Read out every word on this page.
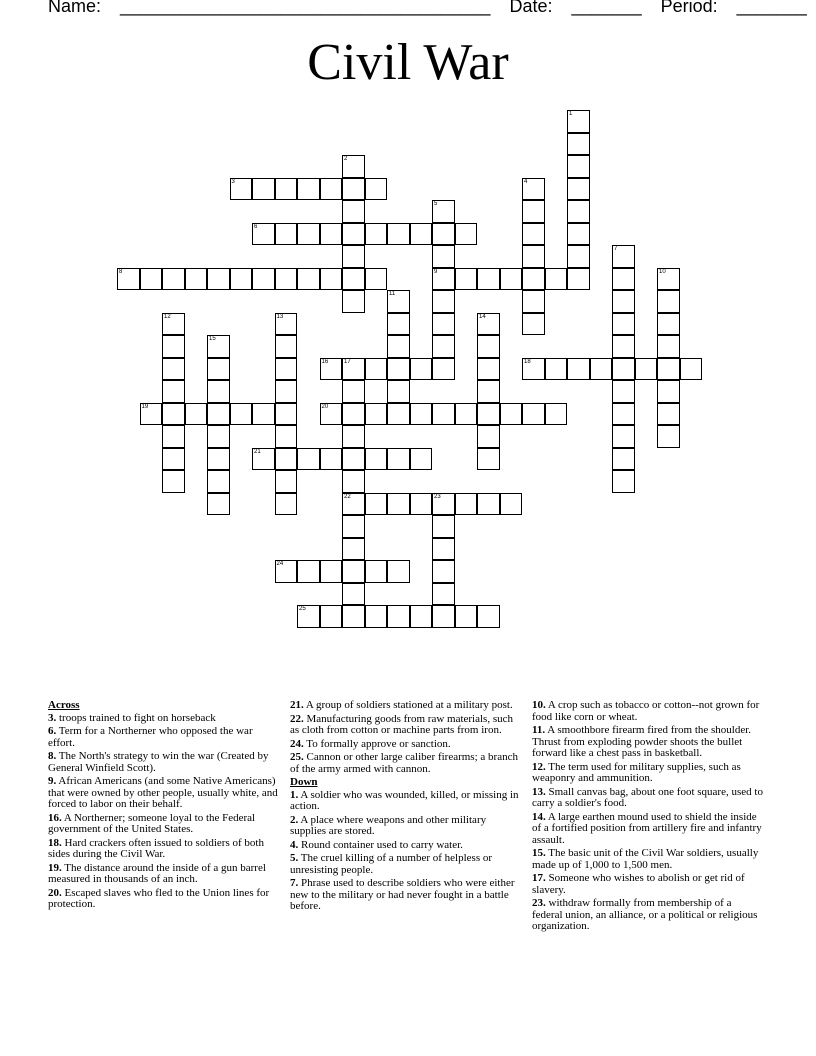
Name: _____________________________________ Date: _______ Period: _______
Civil War
1
2
3	4
5
9
6
7
8	10
11
12	13	14
15
16	17
22
18
19	20
21
23
24
25
Across
3. troops trained to fight on horseback
6. Term for a Northerner who opposed the war effort.
8. The North's strategy to win the war (Created by General Winfield Scott).
9. African Americans (and some Native Americans) that were owned by other people, usually white, and forced to labor on their behalf.
16. A Northerner; someone loyal to the Federal government of the United States.
18. Hard crackers often issued to soldiers of both sides during the Civil War.
19. The distance around the inside of a gun barrel measured in thousands of an inch.
20. Escaped slaves who fled to the Union lines for protection.
21. A group of soldiers stationed at a military post.
22. Manufacturing goods from raw materials, such as cloth from cotton or machine parts from iron.
24. To formally approve or sanction.
25. Cannon or other large caliber firearms; a branch of the army armed with cannon.
Down
1. A soldier who was wounded, killed, or missing in action.
2. A place where weapons and other military supplies are stored.
4. Round container used to carry water.
5. The cruel killing of a number of helpless or unresisting people.
7. Phrase used to describe soldiers who were either new to the military or had never fought in a battle before.
10. A crop such as tobacco or cotton--not grown for food like corn or wheat.
11. A smoothbore firearm fired from the shoulder. Thrust from exploding powder shoots the bullet forward like a chest pass in basketball.
12. The term used for military supplies, such as weaponry and ammunition.
13. Small canvas bag, about one foot square, used to carry a soldier's food.
14. A large earthen mound used to shield the inside of a fortified position from artillery fire and infantry assault.
15. The basic unit of the Civil War soldiers, usually made up of 1,000 to 1,500 men.
17. Someone who wishes to abolish or get rid of slavery.
23. withdraw formally from membership of a federal union, an alliance, or a political or religious organization.
